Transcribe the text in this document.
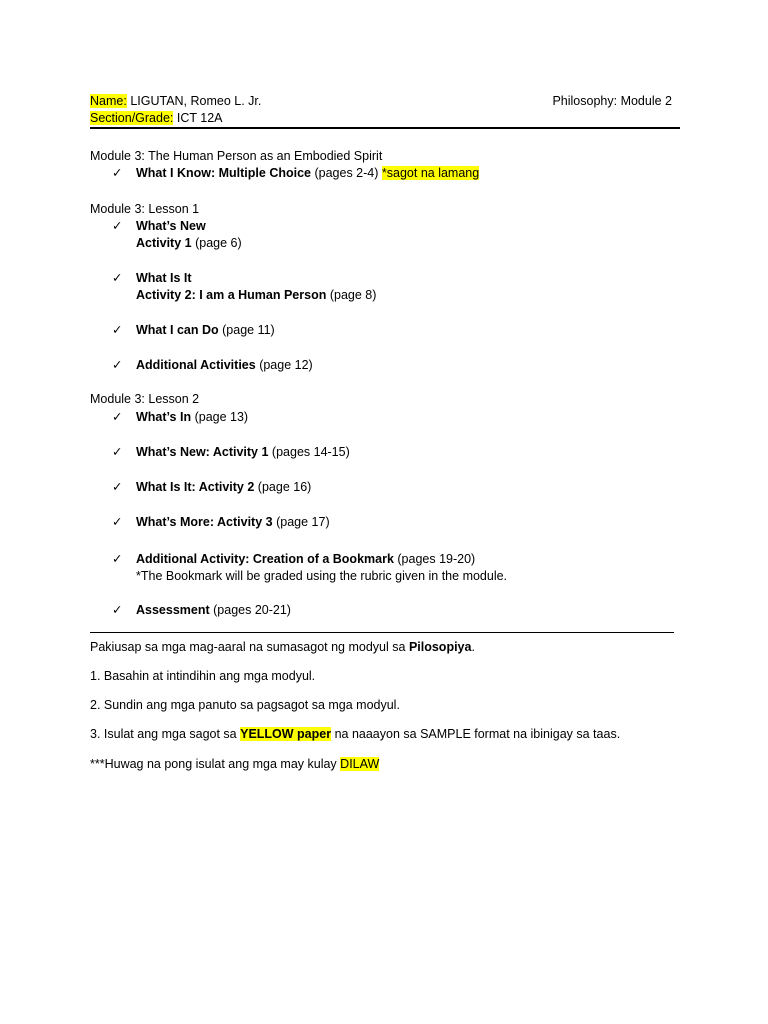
Name: LIGUTAN, Romeo L. Jr.
Section/Grade: ICT 12A
Philosophy: Module 2
Module 3: The Human Person as an Embodied Spirit
✓ What I Know: Multiple Choice (pages 2-4) *sagot na lamang
Module 3: Lesson 1
✓ What’s New
Activity 1 (page 6)
✓ What Is It
Activity 2: I am a Human Person (page 8)
✓ What I can Do (page 11)
✓ Additional Activities (page 12)
Module 3: Lesson 2
✓ What’s In (page 13)
✓ What’s New: Activity 1 (pages 14-15)
✓ What Is It: Activity 2 (page 16)
✓ What’s More: Activity 3 (page 17)
✓ Additional Activity: Creation of a Bookmark (pages 19-20)
*The Bookmark will be graded using the rubric given in the module.
✓ Assessment (pages 20-21)
Pakiusap sa mga mag-aaral na sumasagot ng modyul sa Pilosopiya.
1. Basahin at intindihin ang mga modyul.
2. Sundin ang mga panuto sa pagsagot sa mga modyul.
3. Isulat ang mga sagot sa YELLOW paper na naaayon sa SAMPLE format na ibinigay sa taas.
***Huwag na pong isulat ang mga may kulay DILAW
